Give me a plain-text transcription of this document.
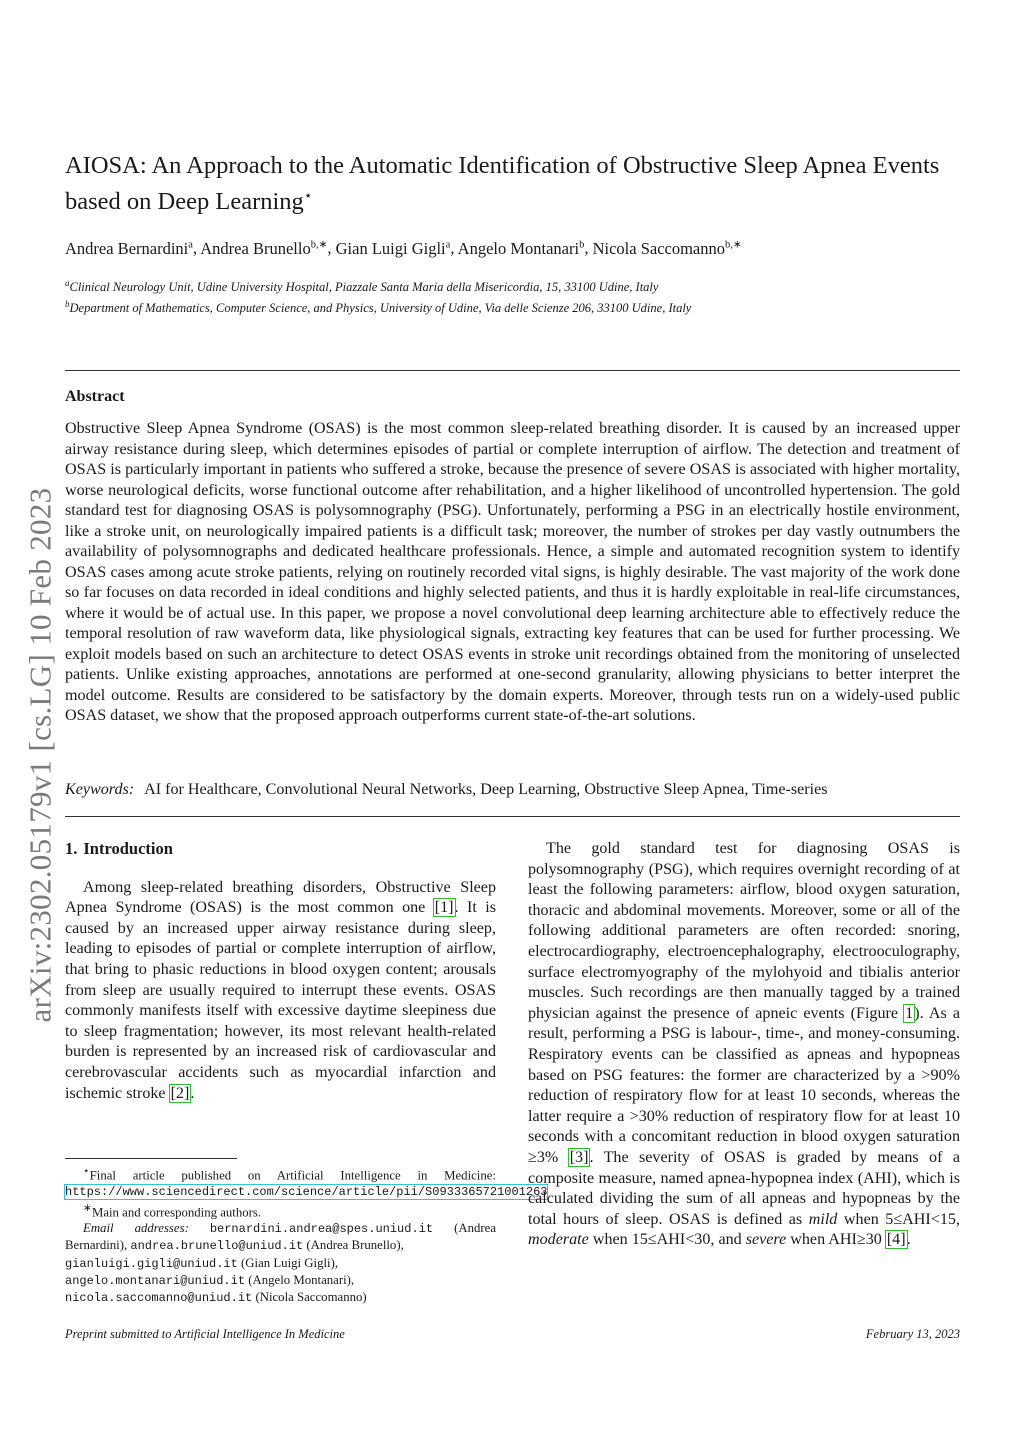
arXiv:2302.05179v1 [cs.LG] 10 Feb 2023
AIOSA: An Approach to the Automatic Identification of Obstructive Sleep Apnea Events based on Deep Learning⋆
Andrea Bernardini$^a$, Andrea Brunello$^{b,∗}$, Gian Luigi Gigli$^a$, Angelo Montanari$^b$, Nicola Saccomanno$^{b,∗}$
$^a$Clinical Neurology Unit, Udine University Hospital, Piazzale Santa Maria della Misericordia, 15, 33100 Udine, Italy
$^b$Department of Mathematics, Computer Science, and Physics, University of Udine, Via delle Scienze 206, 33100 Udine, Italy
Abstract

Obstructive Sleep Apnea Syndrome (OSAS) is the most common sleep-related breathing disorder. It is caused by an increased upper airway resistance during sleep, which determines episodes of partial or complete interruption of airflow. The detection and treatment of OSAS is particularly important in patients who suffered a stroke, because the presence of severe OSAS is associated with higher mortality, worse neurological deficits, worse functional outcome after rehabilitation, and a higher likelihood of uncontrolled hypertension. The gold standard test for diagnosing OSAS is polysomnography (PSG). Unfortunately, performing a PSG in an electrically hostile environment, like a stroke unit, on neurologically impaired patients is a difficult task; moreover, the number of strokes per day vastly outnumbers the availability of polysomnographs and dedicated healthcare professionals. Hence, a simple and automated recognition system to identify OSAS cases among acute stroke patients, relying on routinely recorded vital signs, is highly desirable. The vast majority of the work done so far focuses on data recorded in ideal conditions and highly selected patients, and thus it is hardly exploitable in real-life circumstances, where it would be of actual use. In this paper, we propose a novel convolutional deep learning architecture able to effectively reduce the temporal resolution of raw waveform data, like physiological signals, extracting key features that can be used for further processing. We exploit models based on such an architecture to detect OSAS events in stroke unit recordings obtained from the monitoring of unselected patients. Unlike existing approaches, annotations are performed at one-second granularity, allowing physicians to better interpret the model outcome. Results are considered to be satisfactory by the domain experts. Moreover, through tests run on a widely-used public OSAS dataset, we show that the proposed approach outperforms current state-of-the-art solutions.

Keywords: AI for Healthcare, Convolutional Neural Networks, Deep Learning, Obstructive Sleep Apnea, Time-series
1. Introduction

Among sleep-related breathing disorders, Obstructive Sleep Apnea Syndrome (OSAS) is the most common one [1]. It is caused by an increased upper airway resistance during sleep, leading to episodes of partial or complete interruption of airflow, that bring to phasic reductions in blood oxygen content; arousals from sleep are usually required to interrupt these events. OSAS commonly manifests itself with excessive daytime sleepiness due to sleep fragmentation; however, its most relevant health-related burden is represented by an increased risk of cardiovascular and cerebrovascular accidents such as myocardial infarction and ischemic stroke [2].

⋆Final article published on Artificial Intelligence in Medicine: https://www.sciencedirect.com/science/article/pii/S0933365721001263

∗Main and corresponding authors.

Email addresses: bernardini.andrea@spes.uniud.it (Andrea Bernardini), andrea.brunello@uniud.it (Andrea Brunello),
gianluigi.gigli@uniud.it (Gian Luigi Gigli),
angelo.montanari@uniud.it (Angelo Montanari),
nicola.saccomanno@uniud.it (Nicola Saccomanno)

The gold standard test for diagnosing OSAS is polysomnography (PSG), which requires overnight recording of at least the following parameters: airflow, blood oxygen saturation, thoracic and abdominal movements. Moreover, some or all of the following additional parameters are often recorded: snoring, electrocardiography, electroencephalography, electrooculography, surface electromyography of the mylohyoid and tibialis anterior muscles. Such recordings are then manually tagged by a trained physician against the presence of apneic events (Figure 1). As a result, performing a PSG is labour-, time-, and money-consuming. Respiratory events can be classified as apneas and hypopneas based on PSG features: the former are characterized by a >90% reduction of respiratory flow for at least 10 seconds, whereas the latter require a >30% reduction of respiratory flow for at least 10 seconds with a concomitant reduction in blood oxygen saturation ≥3% [3]. The severity of OSAS is graded by means of a composite measure, named apnea-hypopnea index (AHI), which is calculated dividing the sum of all apneas and hypopneas by the total hours of sleep. OSAS is defined as mild when 5≤AHI<15, moderate when 15≤AHI<30, and severe when AHI≥30 [4].

Preprint submitted to Artificial Intelligence In Medicine	February 13, 2023
